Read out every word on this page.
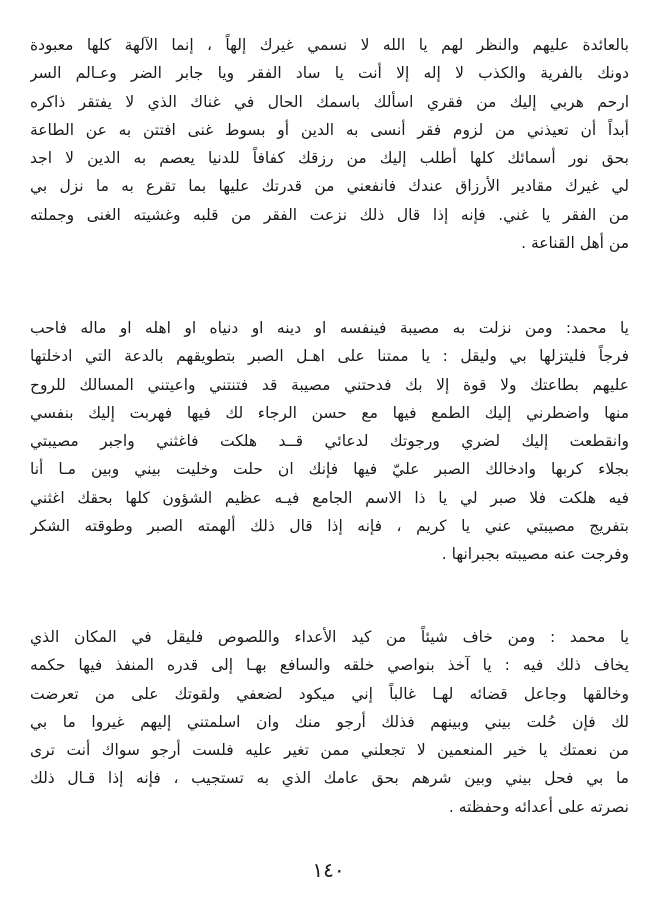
بالعائدة عليهم والنظر لهم يا الله لا نسمي غيرك إلهاً ، إنما الآلهة كلها معبودة
دونك بالفرية والكذب لا إله إلا أنت يا ساد الفقر ويا جابر الضر وعـالم السر
ارحم هربي إليك من فقري اسألك باسمك الحال في غناك الذي لا يفتقر ذاكره
أبداً أن تعيذني من لزوم فقر أنسى به الدين أو بسوط غنى افتتن به عن الطاعة
بحق نور أسمائك كلها أطلب إليك من رزقك كفافاً للدنيا يعصم به الدين لا اجد
لي غيرك مقادير الأرزاق عندك فانفعني من قدرتك عليها بما تقرع به ما نزل بي
من الفقر يا غني. فإنه إذا قال ذلك نزعت الفقر من قلبه وغشيته الغنى وجملته
من أهل القناعة .
يا محمد: ومن نزلت به مصيبة فينفسه او دينه او دنياه او اهله او ماله فاحب
فرجاً فليتزلها بي وليقل : يا ممتنا على اهـل الصبر بتطويقهم بالدعة التي ادخلتها
عليهم بطاعتك ولا قوة إلا بك فدحتني مصيبة قد فتنتني واعيتني المسالك للروح
منها واضطرني إليك الطمع فيها مع حسن الرجاء لك فيها فهربت إليك بنفسي
وانقطعت إليك لضري ورجوتك لدعائي قــد هلكت فاغثني واجبر مصيبتي
بجلاء كربها وادخالك الصبر عليّ فيها فإنك ان حلت وخليت بيني وبين مـا أنا
فيه هلكت فلا صبر لي يا ذا الاسم الجامع فيـه عظيم الشؤون كلها بحقك اغثني
بتفريج مصيبتي عني يا كريم ، فإنه إذا قال ذلك ألهمته الصبر وطوقته الشكر
وفرجت عنه مصيبته بجبرانها .
يا محمد : ومن خاف شيئاً من كيد الأعداء واللصوص فليقل في المكان الذي
يخاف ذلك فيه : يا آخذ بنواصي خلقه والسافع بهـا إلى قدره المنفذ فيها حكمه
وخالقها وجاعل قضائه لهـا غالباً إني ميكود لضعفي ولقوتك على من تعرضت
لك فإن حُلت بيني وبينهم فذلك أرجو منك وان اسلمتني إليهم غيروا ما بي
من نعمتك يا خير المنعمين لا تجعلني ممن تغير عليه فلست أرجو سواك أنت ترى
ما بي فحل بيني وبين شرهم بحق عامك الذي به تستجيب ، فإنه إذا قـال ذلك
نصرته على أعدائه وحفظته .
١٤٠
